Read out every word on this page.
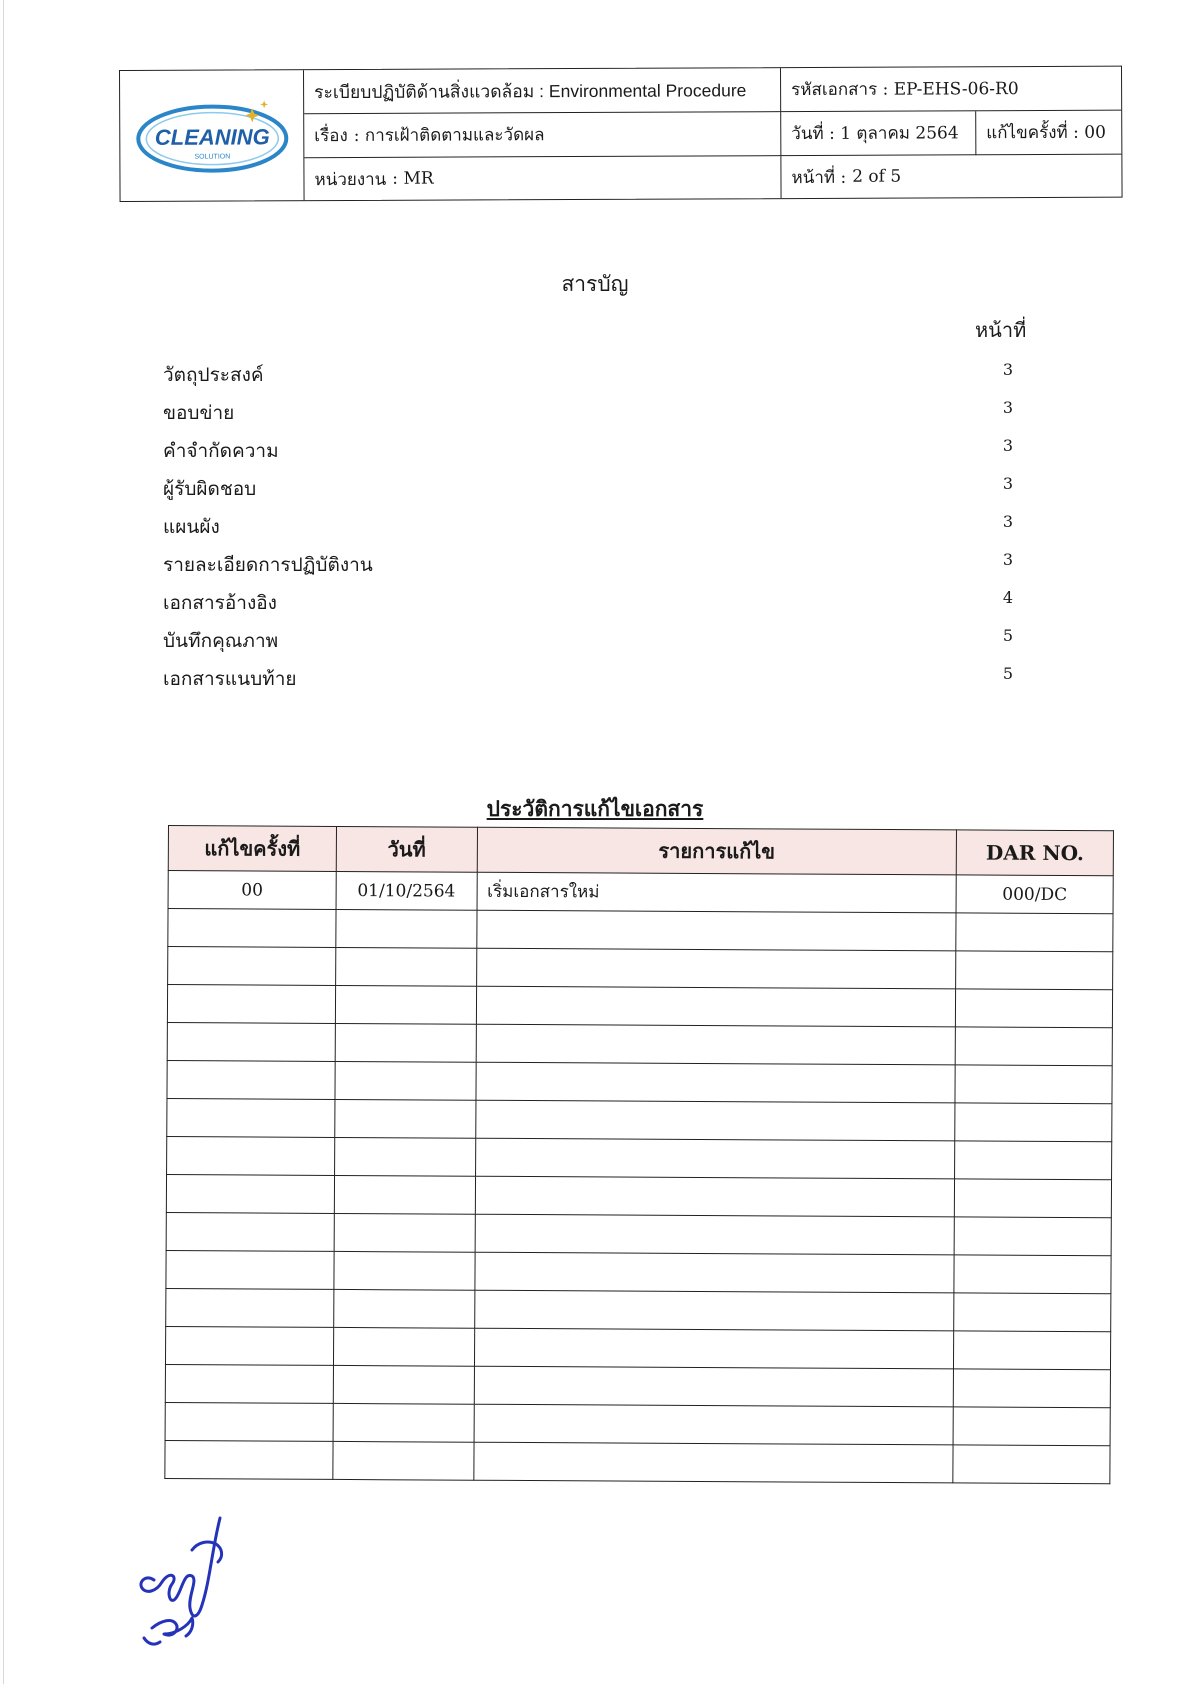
CLEANING
SOLUTION
ระเบียบปฏิบัติด้านสิ่งแวดล้อม : Environmental Procedure	รหัสเอกสาร : EP-EHS-06-R0
เรื่อง : การเฝ้าติดตามและวัดผล	วันที่ : 1 ตุลาคม 2564	แก้ไขครั้งที่ : 00
หน่วยงาน : MR	หน้าที่ : 2 of 5
สารบัญ
หน้าที่
วัตถุประสงค์	3
ขอบข่าย	3
คำจำกัดความ	3
ผู้รับผิดชอบ	3
แผนผัง	3
รายละเอียดการปฏิบัติงาน	3
เอกสารอ้างอิง	4
บันทึกคุณภาพ	5
เอกสารแนบท้าย	5
ประวัติการแก้ไขเอกสาร
แก้ไขครั้งที่	วันที่	รายการแก้ไข	DAR NO.
00	01/10/2564	เริ่มเอกสารใหม่	000/DC
